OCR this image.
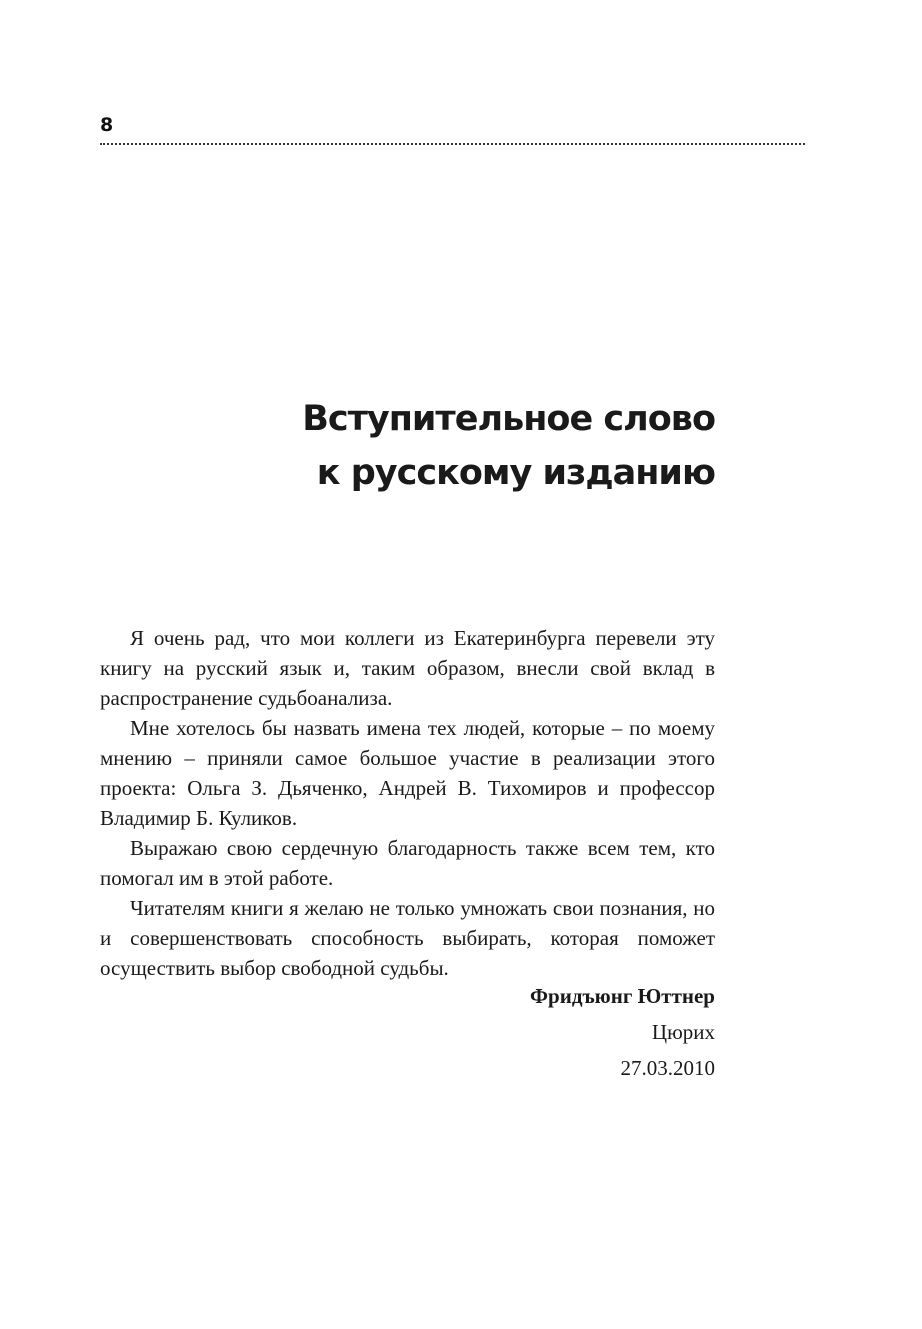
8
Вступительное слово
к русскому изданию

Я очень рад, что мои коллеги из Екатеринбурга перевели эту книгу на русский язык и, таким образом, внесли свой вклад в распространение судьбоанализа.

Мне хотелось бы назвать имена тех людей, которые – по моему мнению – приняли самое большое участие в реализации этого проекта: Ольга З. Дьяченко, Андрей В. Тихомиров и профессор Владимир Б. Куликов.

Выражаю свою сердечную благодарность также всем тем, кто помогал им в этой работе.

Читателям книги я желаю не только умножать свои познания, но и совершенствовать способность выбирать, которая поможет осуществить выбор свободной судьбы.

Фридъюнг Юттнер
Цюрих
27.03.2010
